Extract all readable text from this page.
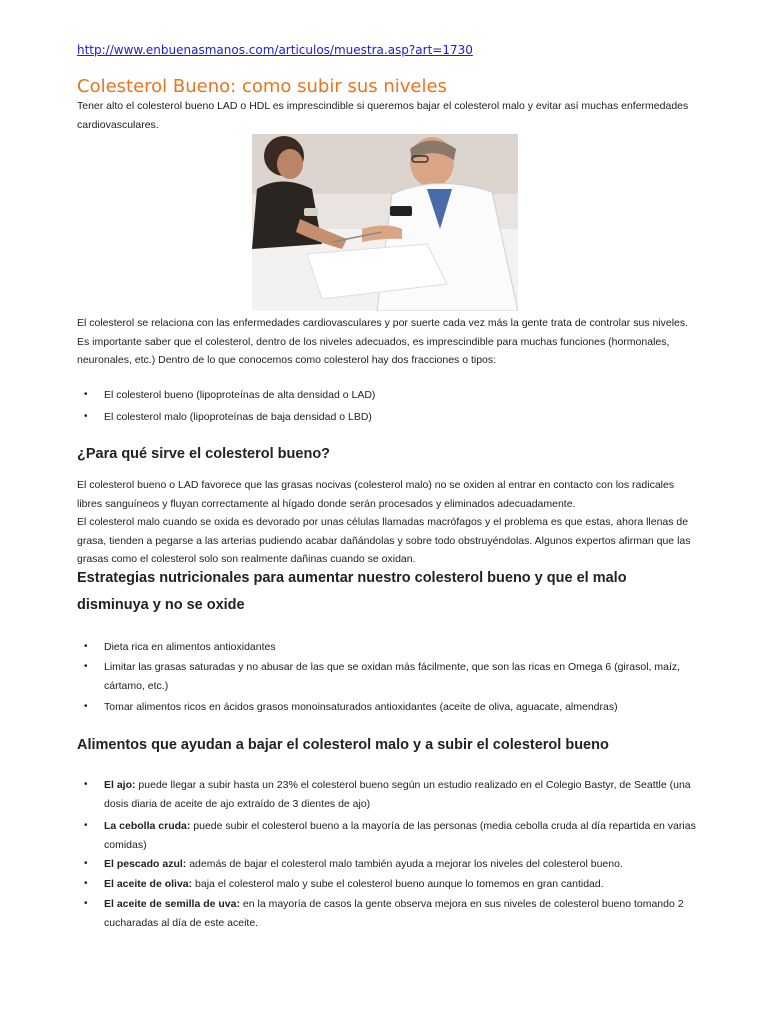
http://www.enbuenasmanos.com/articulos/muestra.asp?art=1730
Colesterol Bueno: como subir sus niveles

Tener alto el colesterol bueno LAD o HDL es imprescindible si queremos bajar el colesterol malo y evitar así muchas enfermedades cardiovasculares.

El colesterol se relaciona con las enfermedades cardiovasculares y por suerte cada vez más la gente trata de controlar sus niveles. Es importante saber que el colesterol, dentro de los niveles adecuados, es imprescindible para muchas funciones (hormonales, neuronales, etc.) Dentro de lo que conocemos como colesterol hay dos fracciones o tipos:

• El colesterol bueno (lipoproteínas de alta densidad o LAD)

• El colesterol malo (lipoproteínas de baja densidad o LBD)

¿Para qué sirve el colesterol bueno?

El colesterol bueno o LAD favorece que las grasas nocivas (colesterol malo) no se oxiden al entrar en contacto con los radicales libres sanguíneos y fluyan correctamente al hígado donde serán procesados y eliminados adecuadamente.

El colesterol malo cuando se oxida es devorado por unas células llamadas macrófagos y el problema es que estas, ahora llenas de grasa, tienden a pegarse a las arterias pudiendo acabar dañándolas y sobre todo obstruyéndolas. Algunos expertos afirman que las grasas como el colesterol solo son realmente dañinas cuando se oxidan.

Estrategias nutricionales para aumentar nuestro colesterol bueno y que el malo disminuya y no se oxide

• Dieta rica en alimentos antioxidantes

• Limitar las grasas saturadas y no abusar de las que se oxidan más fácilmente, que son las ricas en Omega 6 (girasol, maíz, cártamo, etc.)

• Tomar alimentos ricos en ácidos grasos monoinsaturados antioxidantes (aceite de oliva, aguacate, almendras)

Alimentos que ayudan a bajar el colesterol malo y a subir el colesterol bueno

• El ajo: puede llegar a subir hasta un 23% el colesterol bueno según un estudio realizado en el Colegio Bastyr, de Seattle (una dosis diaria de aceite de ajo extraído de 3 dientes de ajo)

• La cebolla cruda: puede subir el colesterol bueno a la mayoría de las personas (media cebolla cruda al día repartida en varias comidas)

• El pescado azul: además de bajar el colesterol malo también ayuda a mejorar los niveles del colesterol bueno.

• El aceite de oliva: baja el colesterol malo y sube el colesterol bueno aunque lo tomemos en gran cantidad.

• El aceite de semilla de uva: en la mayoría de casos la gente observa mejora en sus niveles de colesterol bueno tomando 2 cucharadas al día de este aceite.
